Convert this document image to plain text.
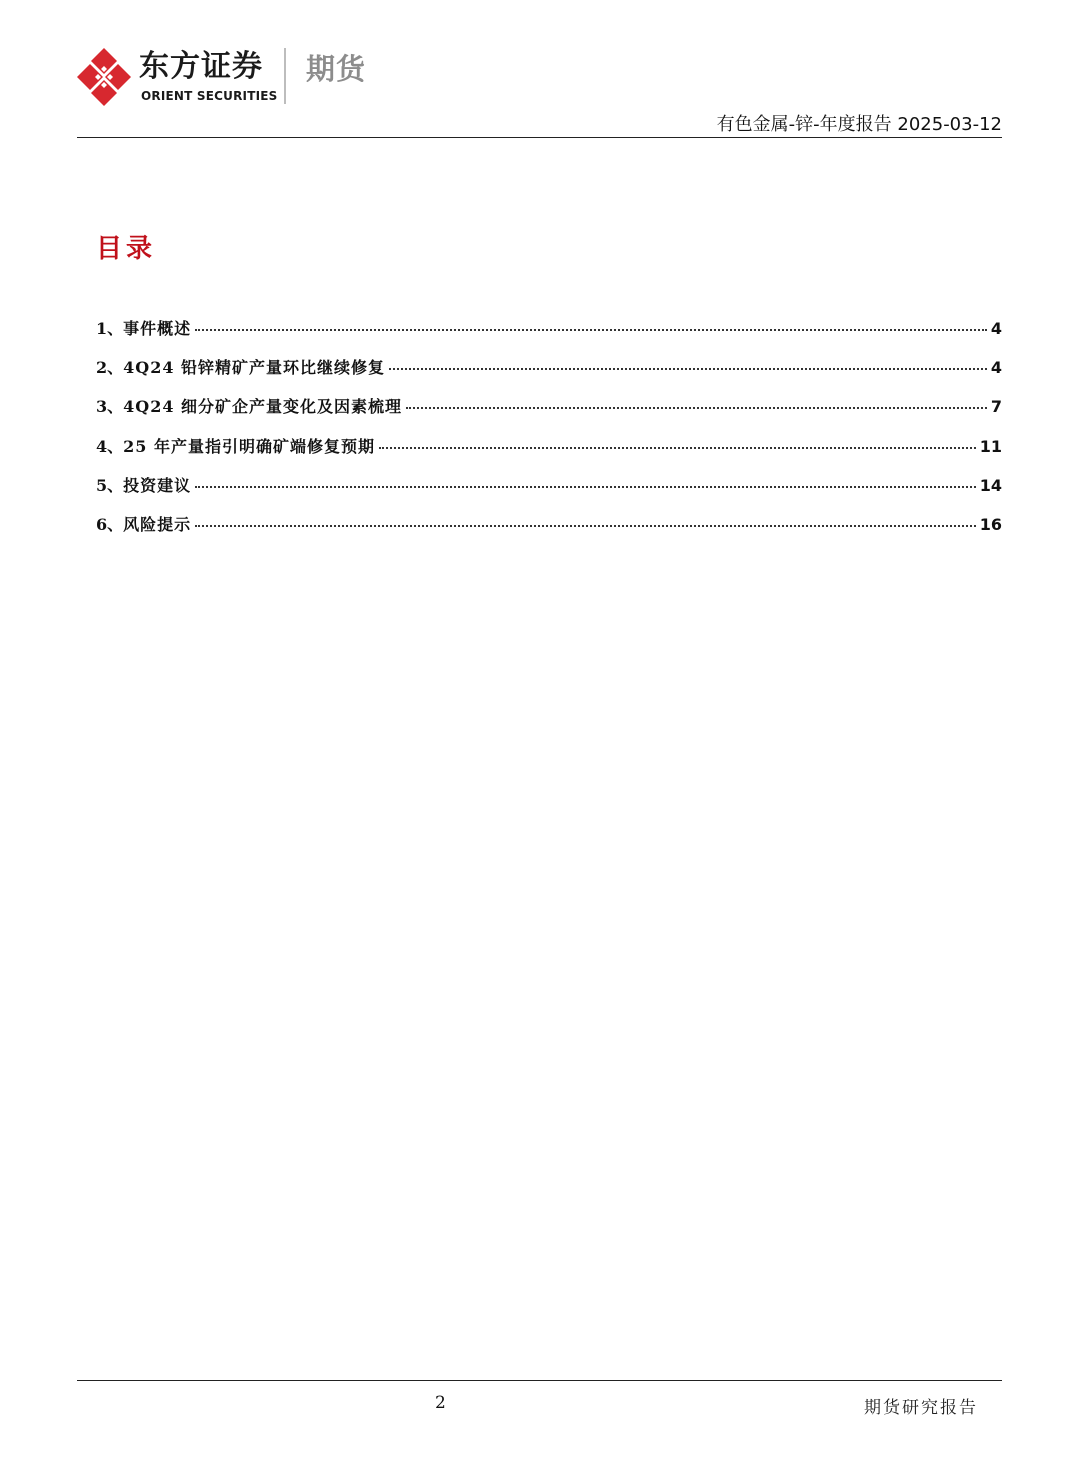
东方证券
ORIENT SECURITIES
期货
有色金属-锌-年度报告 2025-03-12
目录
1、 事件概述	4
2、 4Q24 铅锌精矿产量环比继续修复	4
3、 4Q24 细分矿企产量变化及因素梳理	7
4、 25 年产量指引明确矿端修复预期	11
5、 投资建议	14
6、 风险提示	16
2	期货研究报告
